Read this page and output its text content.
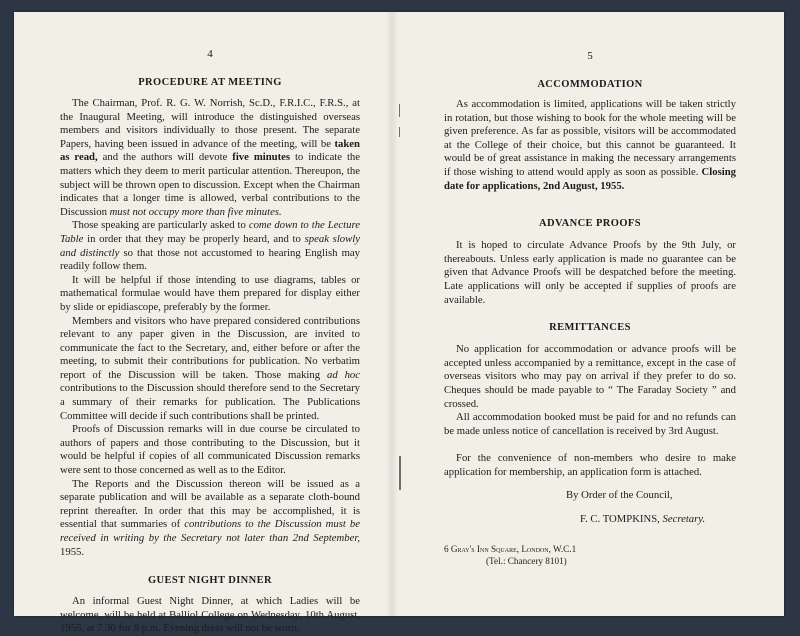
4
PROCEDURE AT MEETING

The Chairman, Prof. R. G. W. Norrish, Sc.D., F.R.I.C., F.R.S., at the Inaugural Meeting, will introduce the distinguished overseas members and visitors individually to those present. The separate Papers, having been issued in advance of the meeting, will be taken as read, and the authors will devote five minutes to indicate the matters which they deem to merit particular attention. Thereupon, the subject will be thrown open to discussion. Except when the Chairman indicates that a longer time is allowed, verbal contributions to the Discussion must not occupy more than five minutes.

Those speaking are particularly asked to come down to the Lecture Table in order that they may be properly heard, and to speak slowly and distinctly so that those not accustomed to hearing English may readily follow them.

It will be helpful if those intending to use diagrams, tables or mathematical formulae would have them prepared for display either by slide or epidiascope, preferably by the former.

Members and visitors who have prepared considered contributions relevant to any paper given in the Discussion, are invited to communicate the fact to the Secretary, and, either before or after the meeting, to submit their contributions for publication. No verbatim report of the Discussion will be taken. Those making ad hoc contributions to the Discussion should therefore send to the Secretary a summary of their remarks for publication. The Publications Committee will decide if such contributions shall be printed.

Proofs of Discussion remarks will in due course be circulated to authors of papers and those contributing to the Discussion, but it would be helpful if copies of all communicated Discussion remarks were sent to those concerned as well as to the Editor.

The Reports and the Discussion thereon will be issued as a separate publication and will be available as a separate cloth-bound reprint thereafter. In order that this may be accomplished, it is essential that summaries of contributions to the Discussion must be received in writing by the Secretary not later than 2nd September, 1955.

GUEST NIGHT DINNER

An informal Guest Night Dinner, at which Ladies will be welcome, will be held at Balliol College on Wednesday, 10th August, 1955, at 7.30 for 8 p.m. Evening dress will not be worn.

5
ACCOMMODATION

As accommodation is limited, applications will be taken strictly in rotation, but those wishing to book for the whole meeting will be given preference. As far as possible, visitors will be accommodated at the College of their choice, but this cannot be guaranteed. It would be of great assistance in making the necessary arrangements if those wishing to attend would apply as soon as possible. Closing date for applications, 2nd August, 1955.

ADVANCE PROOFS

It is hoped to circulate Advance Proofs by the 9th July, or thereabouts. Unless early application is made no guarantee can be given that Advance Proofs will be despatched before the meeting. Late applications will only be accepted if supplies of proofs are available.

REMITTANCES

No application for accommodation or advance proofs will be accepted unless accompanied by a remittance, except in the case of overseas visitors who may pay on arrival if they prefer to do so. Cheques should be made payable to “ The Faraday Society ” and crossed.

All accommodation booked must be paid for and no refunds can be made unless notice of cancellation is received by 3rd August.

For the convenience of non-members who desire to make application for membership, an application form is attached.

By Order of the Council,
F. C. TOMPKINS, Secretary.
6 Gray's Inn Square, London, W.C.1
(Tel.: Chancery 8101)
